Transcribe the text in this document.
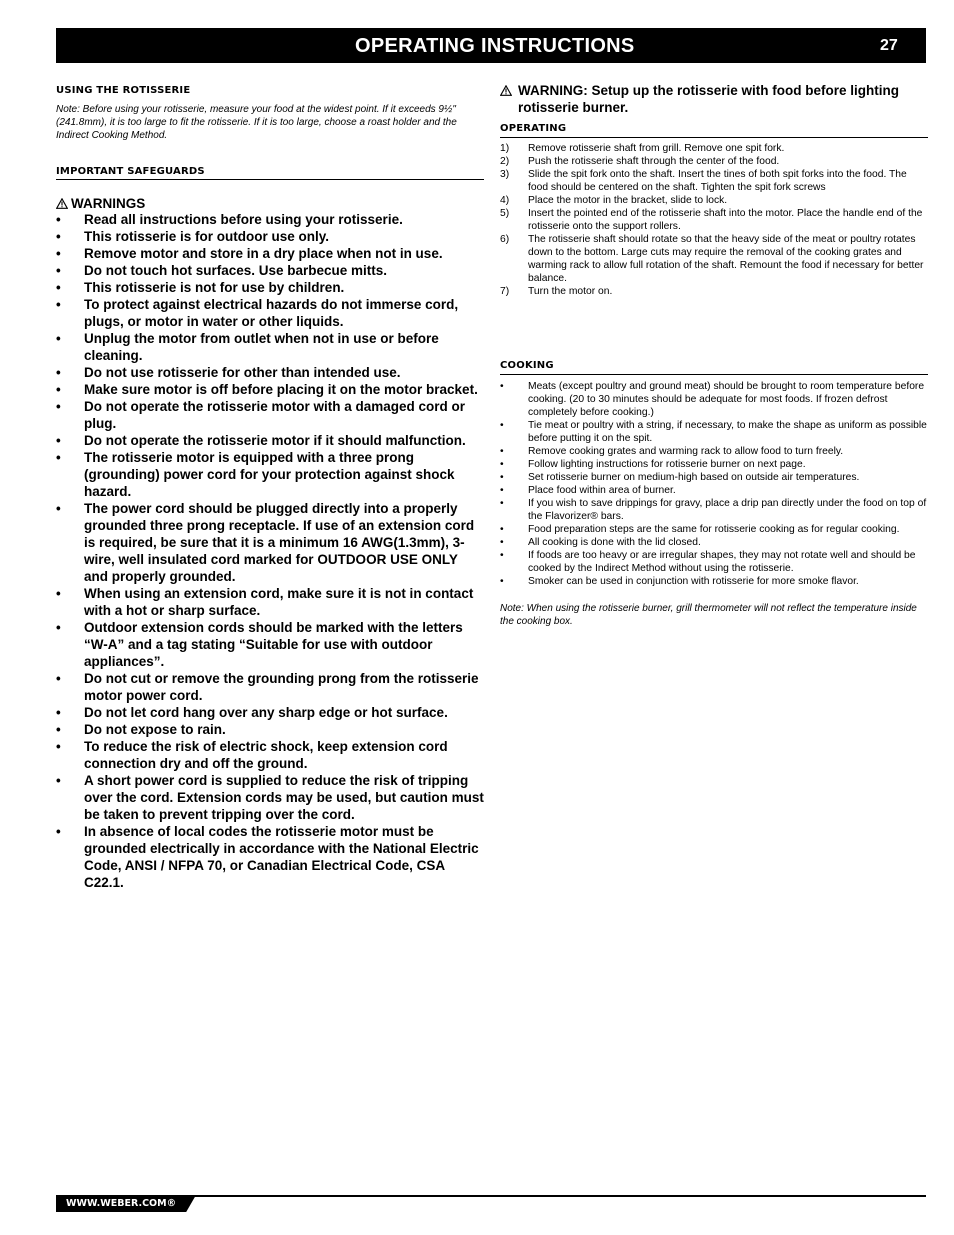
OPERATING INSTRUCTIONS	27
USING THE ROTISSERIE

Note: Before using your rotisserie, measure your food at the widest point. If it exceeds 9½" (241.8mm), it is too large to fit the rotisserie. If it is too large, choose a roast holder and the Indirect Cooking Method.

IMPORTANT SAFEGUARDS
WARNINGS
• Read all instructions before using your rotisserie.
• This rotisserie is for outdoor use only.
• Remove motor and store in a dry place when not in use.
• Do not touch hot surfaces. Use barbecue mitts.
• This rotisserie is not for use by children.
• To protect against electrical hazards do not immerse cord, plugs, or motor in water or other liquids.
• Unplug the motor from outlet when not in use or before cleaning.
• Do not use rotisserie for other than intended use.
• Make sure motor is off before placing it on the motor bracket.
• Do not operate the rotisserie motor with a damaged cord or plug.
• Do not operate the rotisserie motor if it should malfunction.
• The rotisserie motor is equipped with a three prong (grounding) power cord for your protection against shock hazard.
• The power cord should be plugged directly into a properly grounded three prong receptacle. If use of an extension cord is required, be sure that it is a minimum 16 AWG(1.3mm), 3-wire, well insulated cord marked for OUTDOOR USE ONLY and properly grounded.
• When using an extension cord, make sure it is not in contact with a hot or sharp surface.
• Outdoor extension cords should be marked with the letters “W-A” and a tag stating “Suitable for use with outdoor appliances”.
• Do not cut or remove the grounding prong from the rotisserie motor power cord.
• Do not let cord hang over any sharp edge or hot surface.
• Do not expose to rain.
• To reduce the risk of electric shock, keep extension cord connection dry and off the ground.
• A short power cord is supplied to reduce the risk of tripping over the cord. Extension cords may be used, but caution must be taken to prevent tripping over the cord.
• In absence of local codes the rotisserie motor must be grounded electrically in accordance with the National Electric Code, ANSI / NFPA 70, or Canadian Electrical Code, CSA C22.1.
WARNING: Setup up the rotisserie with food before lighting rotisserie burner.
OPERATING
1) Remove rotisserie shaft from grill. Remove one spit fork.
2) Push the rotisserie shaft through the center of the food.
3) Slide the spit fork onto the shaft. Insert the tines of both spit forks into the food. The food should be centered on the shaft. Tighten the spit fork screws
4) Place the motor in the bracket, slide to lock.
5) Insert the pointed end of the rotisserie shaft into the motor. Place the handle end of the rotisserie onto the support rollers.
6) The rotisserie shaft should rotate so that the heavy side of the meat or poultry rotates down to the bottom. Large cuts may require the removal of the cooking grates and warming rack to allow full rotation of the shaft. Remount the food if necessary for better balance.
7) Turn the motor on.
COOKING
• Meats (except poultry and ground meat) should be brought to room temperature before cooking. (20 to 30 minutes should be adequate for most foods. If frozen defrost completely before cooking.)
• Tie meat or poultry with a string, if necessary, to make the shape as uniform as possible before putting it on the spit.
• Remove cooking grates and warming rack to allow food to turn freely.
• Follow lighting instructions for rotisserie burner on next page.
• Set rotisserie burner on medium-high based on outside air temperatures.
• Place food within area of burner.
• If you wish to save drippings for gravy, place a drip pan directly under the food on top of the Flavorizer® bars.
• Food preparation steps are the same for rotisserie cooking as for regular cooking.
• All cooking is done with the lid closed.
• If foods are too heavy or are irregular shapes, they may not rotate well and should be cooked by the Indirect Method without using the rotisserie.
• Smoker can be used in conjunction with rotisserie for more smoke flavor.

Note: When using the rotisserie burner, grill thermometer will not reflect the temperature inside the cooking box.

WWW.WEBER.COM®
